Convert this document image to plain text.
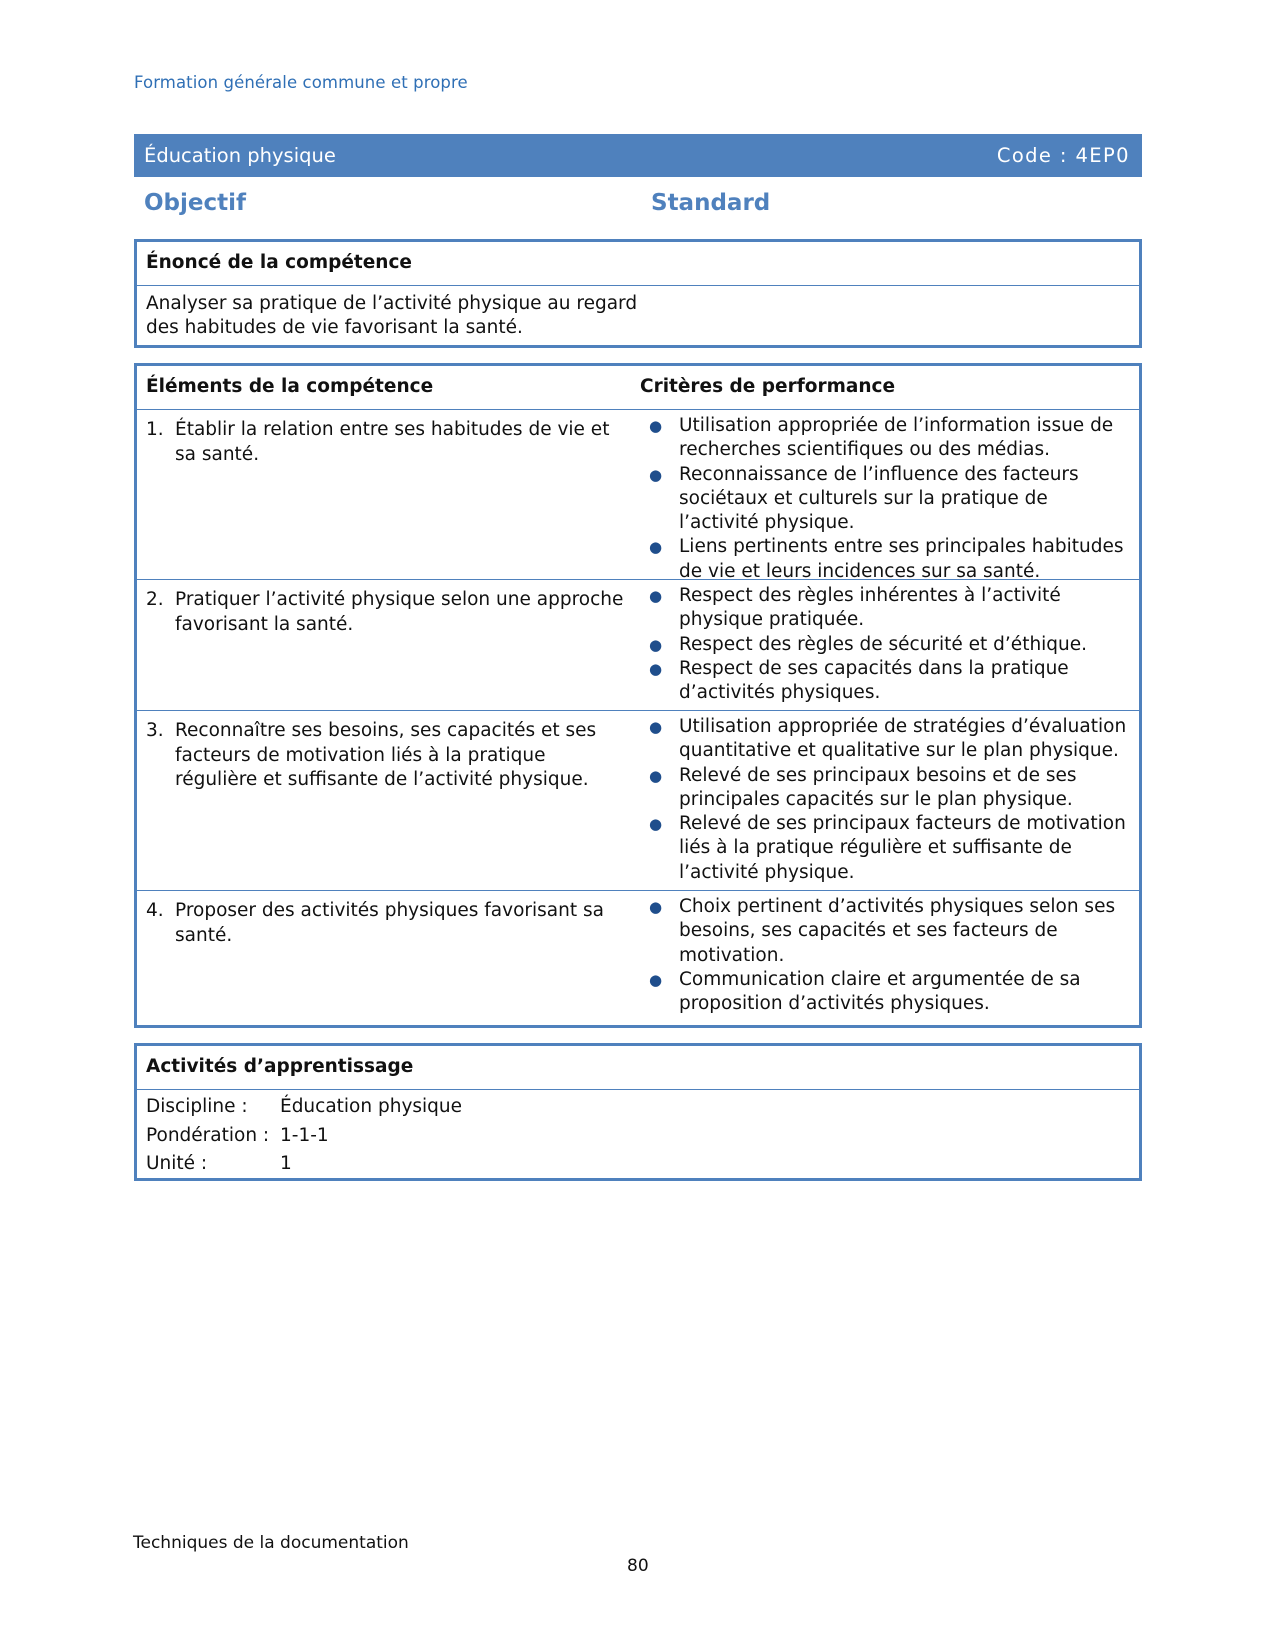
Formation générale commune et propre
Éducation physique	Code : 4EP0
Objectif	Standard
Énoncé de la compétence
Analyser sa pratique de l’activité physique au regard des habitudes de vie favorisant la santé.
Éléments de la compétence	Critères de performance
1. Établir la relation entre ses habitudes de vie et sa santé.
● Utilisation appropriée de l’information issue de recherches scientifiques ou des médias.
● Reconnaissance de l’influence des facteurs sociétaux et culturels sur la pratique de l’activité physique.
● Liens pertinents entre ses principales habitudes de vie et leurs incidences sur sa santé.
2. Pratiquer l’activité physique selon une approche favorisant la santé.
● Respect des règles inhérentes à l’activité physique pratiquée.
● Respect des règles de sécurité et d’éthique.
● Respect de ses capacités dans la pratique d’activités physiques.
3. Reconnaître ses besoins, ses capacités et ses facteurs de motivation liés à la pratique régulière et suffisante de l’activité physique.
● Utilisation appropriée de stratégies d’évaluation quantitative et qualitative sur le plan physique.
● Relevé de ses principaux besoins et de ses principales capacités sur le plan physique.
● Relevé de ses principaux facteurs de motivation liés à la pratique régulière et suffisante de l’activité physique.
4. Proposer des activités physiques favorisant sa santé.
● Choix pertinent d’activités physiques selon ses besoins, ses capacités et ses facteurs de motivation.
● Communication claire et argumentée de sa proposition d’activités physiques.
Activités d’apprentissage
Discipline :	Éducation physique
Pondération : 1-1-1
Unité :	1
Techniques de la documentation
80
